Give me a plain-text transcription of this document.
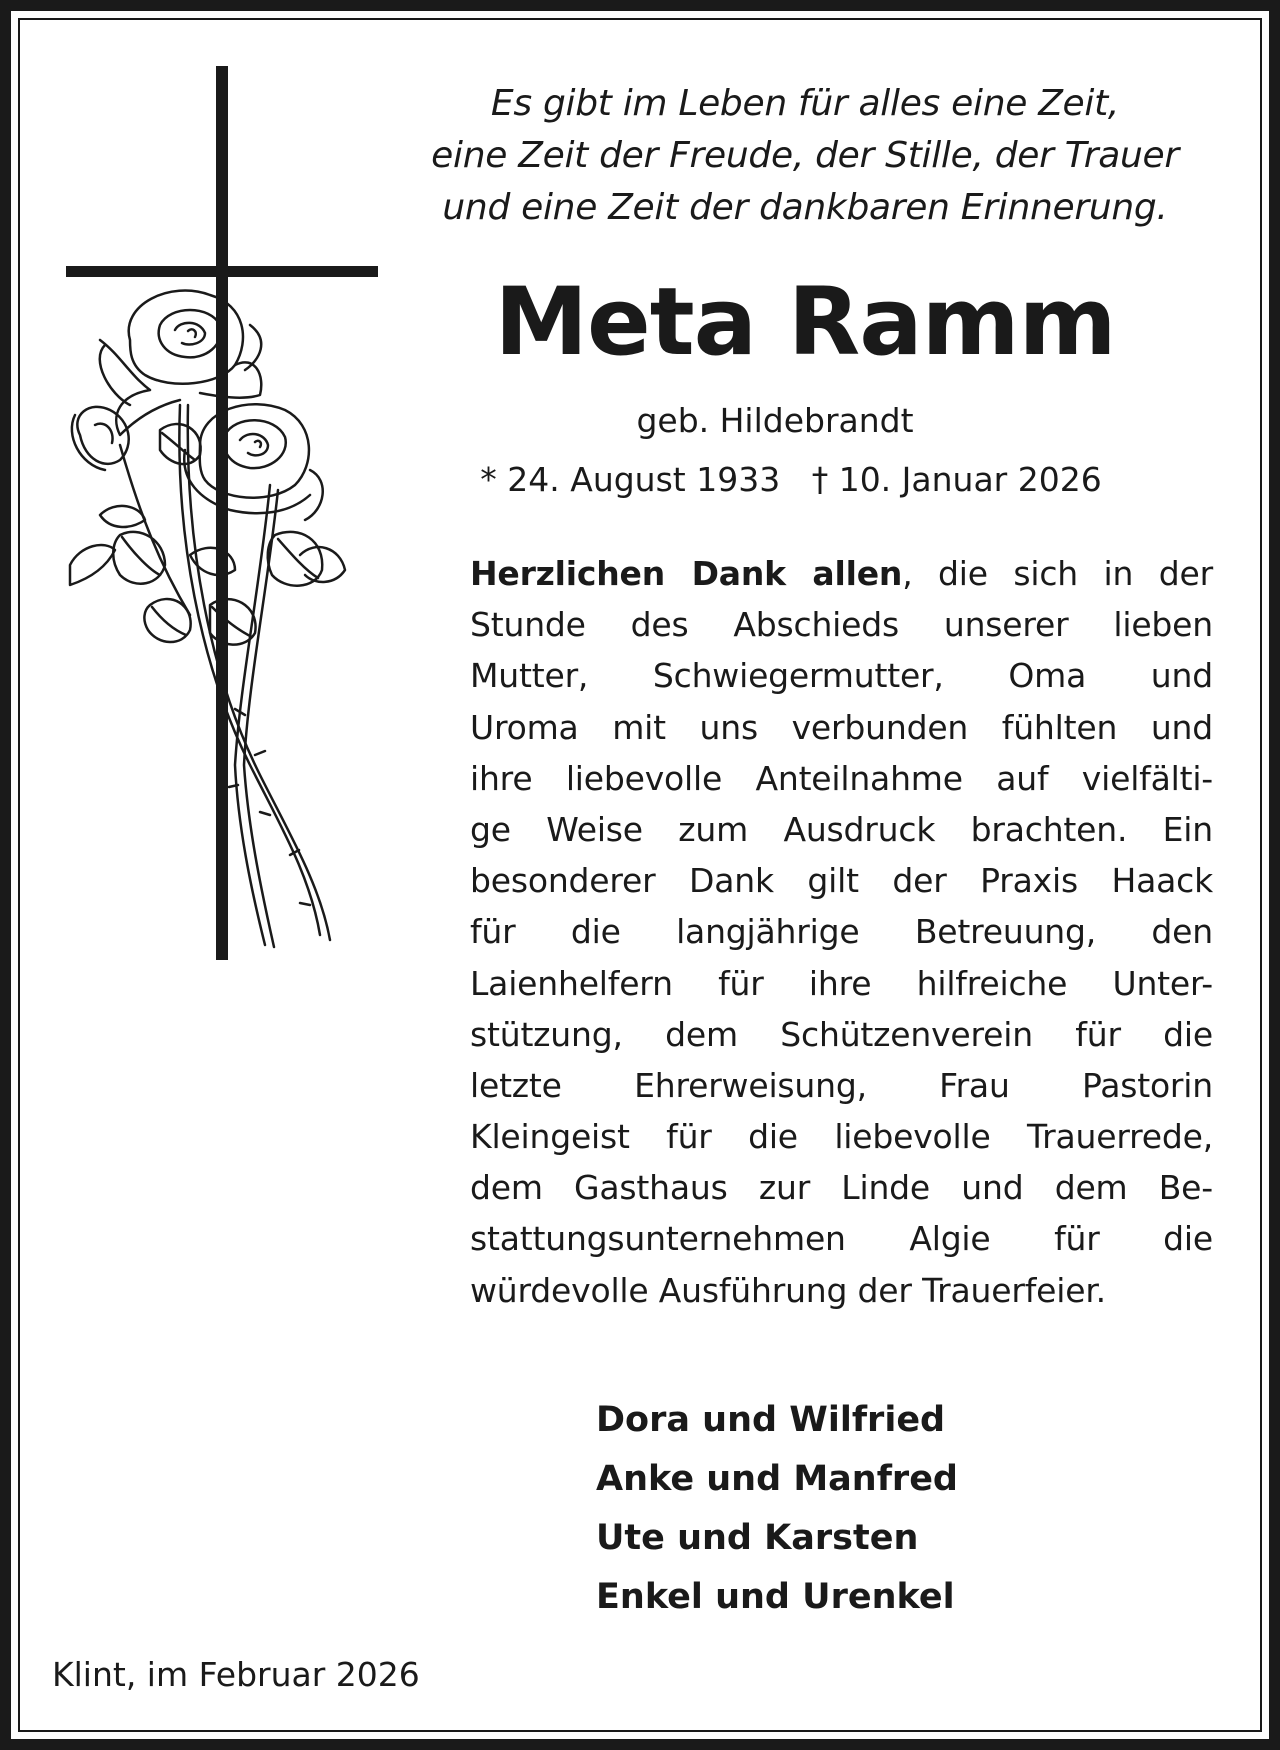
Es gibt im Leben für alles eine Zeit,
eine Zeit der Freude, der Stille, der Trauer
und eine Zeit der dankbaren Erinnerung.
Meta Ramm
geb. Hildebrandt
* 24. August 1933 † 10. Januar 2026
Herzlichen Dank allen, die sich in der
Stunde des Abschieds unserer lieben
Mutter, Schwiegermutter, Oma und
Uroma mit uns verbunden fühlten und
ihre liebevolle Anteilnahme auf vielfälti-
ge Weise zum Ausdruck brachten. Ein
besonderer Dank gilt der Praxis Haack
für die langjährige Betreuung, den
Laienhelfern für ihre hilfreiche Unter-
stützung, dem Schützenverein für die
letzte Ehrerweisung, Frau Pastorin
Kleingeist für die liebevolle Trauerrede,
dem Gasthaus zur Linde und dem Be-
stattungsunternehmen Algie für die
würdevolle Ausführung der Trauerfeier.
Dora und Wilfried
Anke und Manfred
Ute und Karsten
Enkel und Urenkel
Klint, im Februar 2026
